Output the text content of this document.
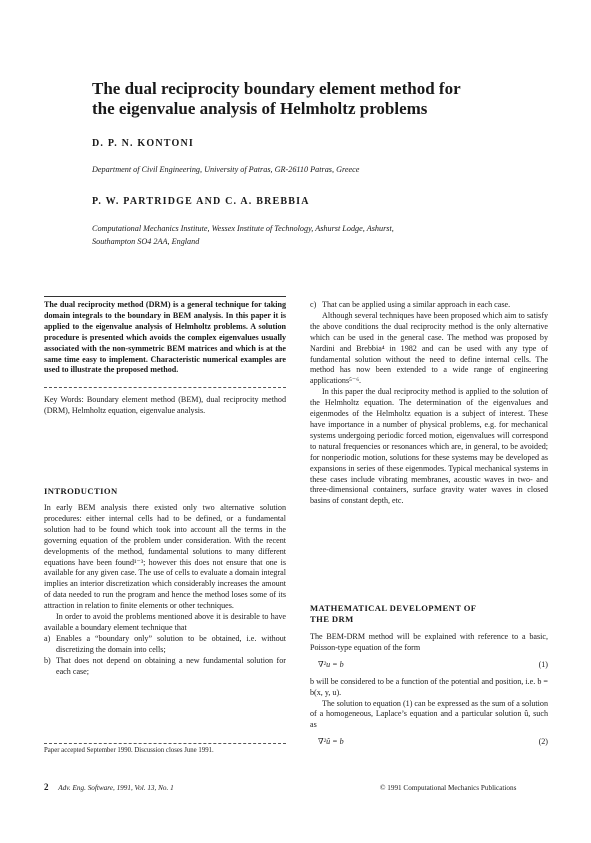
The dual reciprocity boundary element method for
the eigenvalue analysis of Helmholtz problems
D. P. N. KONTONI
Department of Civil Engineering, University of Patras, GR-26110 Patras, Greece
P. W. PARTRIDGE AND C. A. BREBBIA
Computational Mechanics Institute, Wessex Institute of Technology, Ashurst Lodge, Ashurst,
Southampton SO4 2AA, England
The dual reciprocity method (DRM) is a general technique for taking domain integrals to the boundary in BEM analysis. In this paper it is applied to the eigenvalue analysis of Helmholtz problems. A solution procedure is presented which avoids the complex eigenvalues usually associated with the non-symmetric BEM matrices and which is at the same time easy to implement. Characteristic numerical examples are used to illustrate the proposed method.
Key Words: Boundary element method (BEM), dual reciprocity method (DRM), Helmholtz equation, eigenvalue analysis.
INTRODUCTION

In early BEM analysis there existed only two alternative solution procedures: either internal cells had to be defined, or a fundamental solution had to be found which took into account all the terms in the governing equation of the problem under consideration. With the recent developments of the method, fundamental solutions to many different equations have been found¹⁻³; however this does not ensure that one is available for any given case. The use of cells to evaluate a domain integral implies an interior discretization which considerably increases the amount of data needed to run the program and hence the method loses some of its attraction in relation to finite elements or other techniques.

In order to avoid the problems mentioned above it is desirable to have available a boundary element technique that

a) Enables a “boundary only” solution to be obtained, i.e. without discretizing the domain into cells;
b) That does not depend on obtaining a new fundamental solution for each case;
Paper accepted September 1990. Discussion closes June 1991.
c) That can be applied using a similar approach in each case.

Although several techniques have been proposed which aim to satisfy the above conditions the dual reciprocity method is the only alternative which can be used in the general case. The method was proposed by Nardini and Brebbia⁴ in 1982 and can be used with any type of fundamental solution without the need to define internal cells. The method has now been extended to a wide range of engineering applications⁵⁻⁶.

In this paper the dual reciprocity method is applied to the solution of the Helmholtz equation. The determination of the eigenvalues and eigenmodes of the Helmholtz equation is a subject of interest. These have importance in a number of physical problems, e.g. for mechanical systems undergoing periodic forced motion, eigenvalues will correspond to natural frequencies or resonances which are, in general, to be avoided; for nonperiodic motion, solutions for these systems may be developed as expansions in series of these eigenmodes. Typical mechanical systems in these cases include vibrating membranes, acoustic waves in two- and three-dimensional containers, surface gravity water waves in closed basins of constant depth, etc.

MATHEMATICAL DEVELOPMENT OF
THE DRM

The BEM-DRM method will be explained with reference to a basic, Poisson-type equation of the form

∇²u = b	(1)

b will be considered to be a function of the potential and position, i.e. b = b(x, y, u).

The solution to equation (1) can be expressed as the sum of a solution of a homogeneous, Laplace’s equation and a particular solution û, such as

∇²û = b	(2)
2 Adv. Eng. Software, 1991, Vol. 13, No. 1	© 1991 Computational Mechanics Publications
